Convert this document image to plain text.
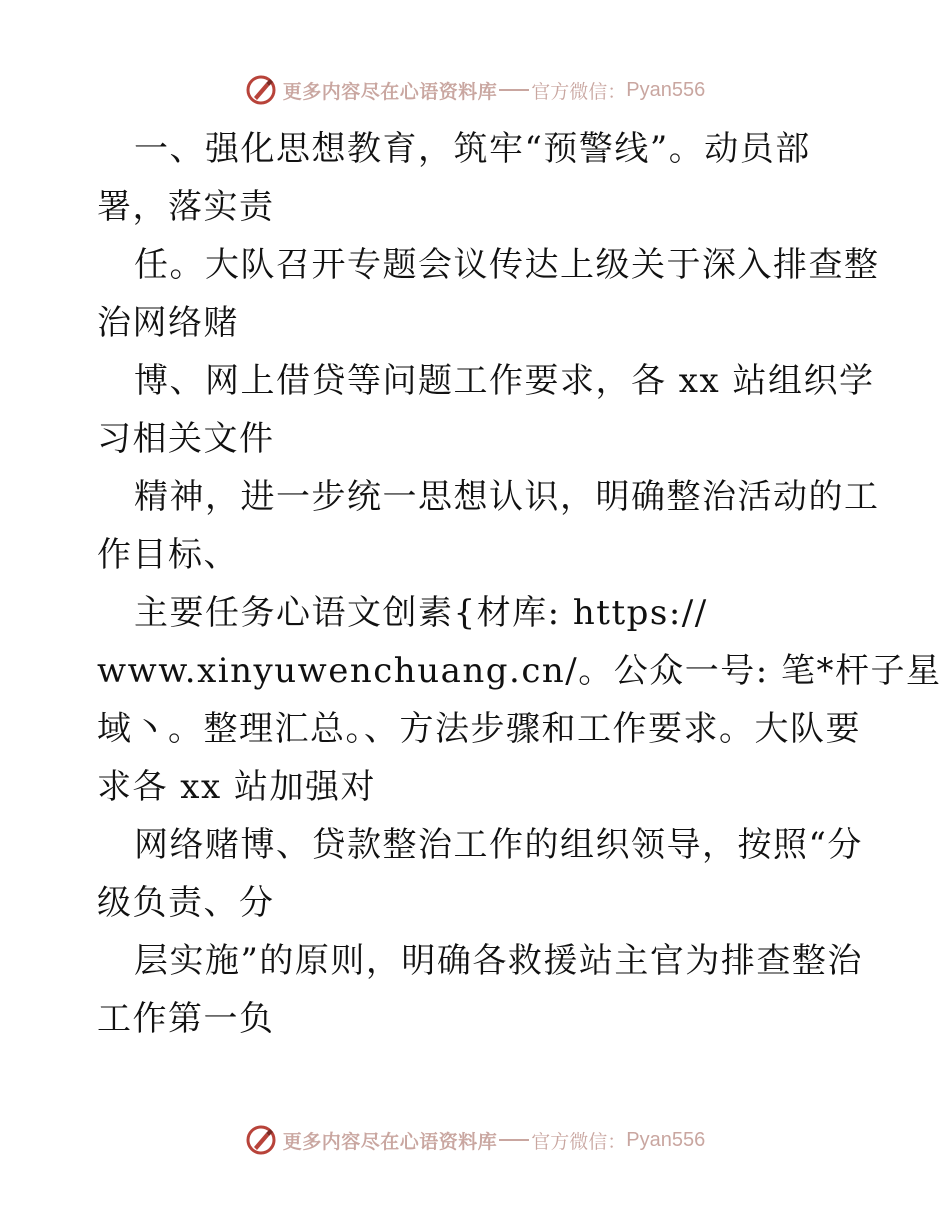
更多内容尽在心语资料库 官方微信： Pyan556
一、强化思想教育，筑牢“预警线”。动员部
署，落实责
任。大队召开专题会议传达上级关于深入排查整
治网络赌
博、网上借贷等问题工作要求，各 xx 站组织学
习相关文件
精神，进一步统一思想认识，明确整治活动的工
作目标、
主要任务心语文创素{材库: https://
www.xinyuwenchuang.cn/。公众一号: 笔*杆子星
域丶。整理汇总。、方法步骤和工作要求。大队要
求各 xx 站加强对
网络赌博、贷款整治工作的组织领导，按照“分
级负责、分
层实施”的原则，明确各救援站主官为排查整治
工作第一负
更多内容尽在心语资料库 官方微信： Pyan556
